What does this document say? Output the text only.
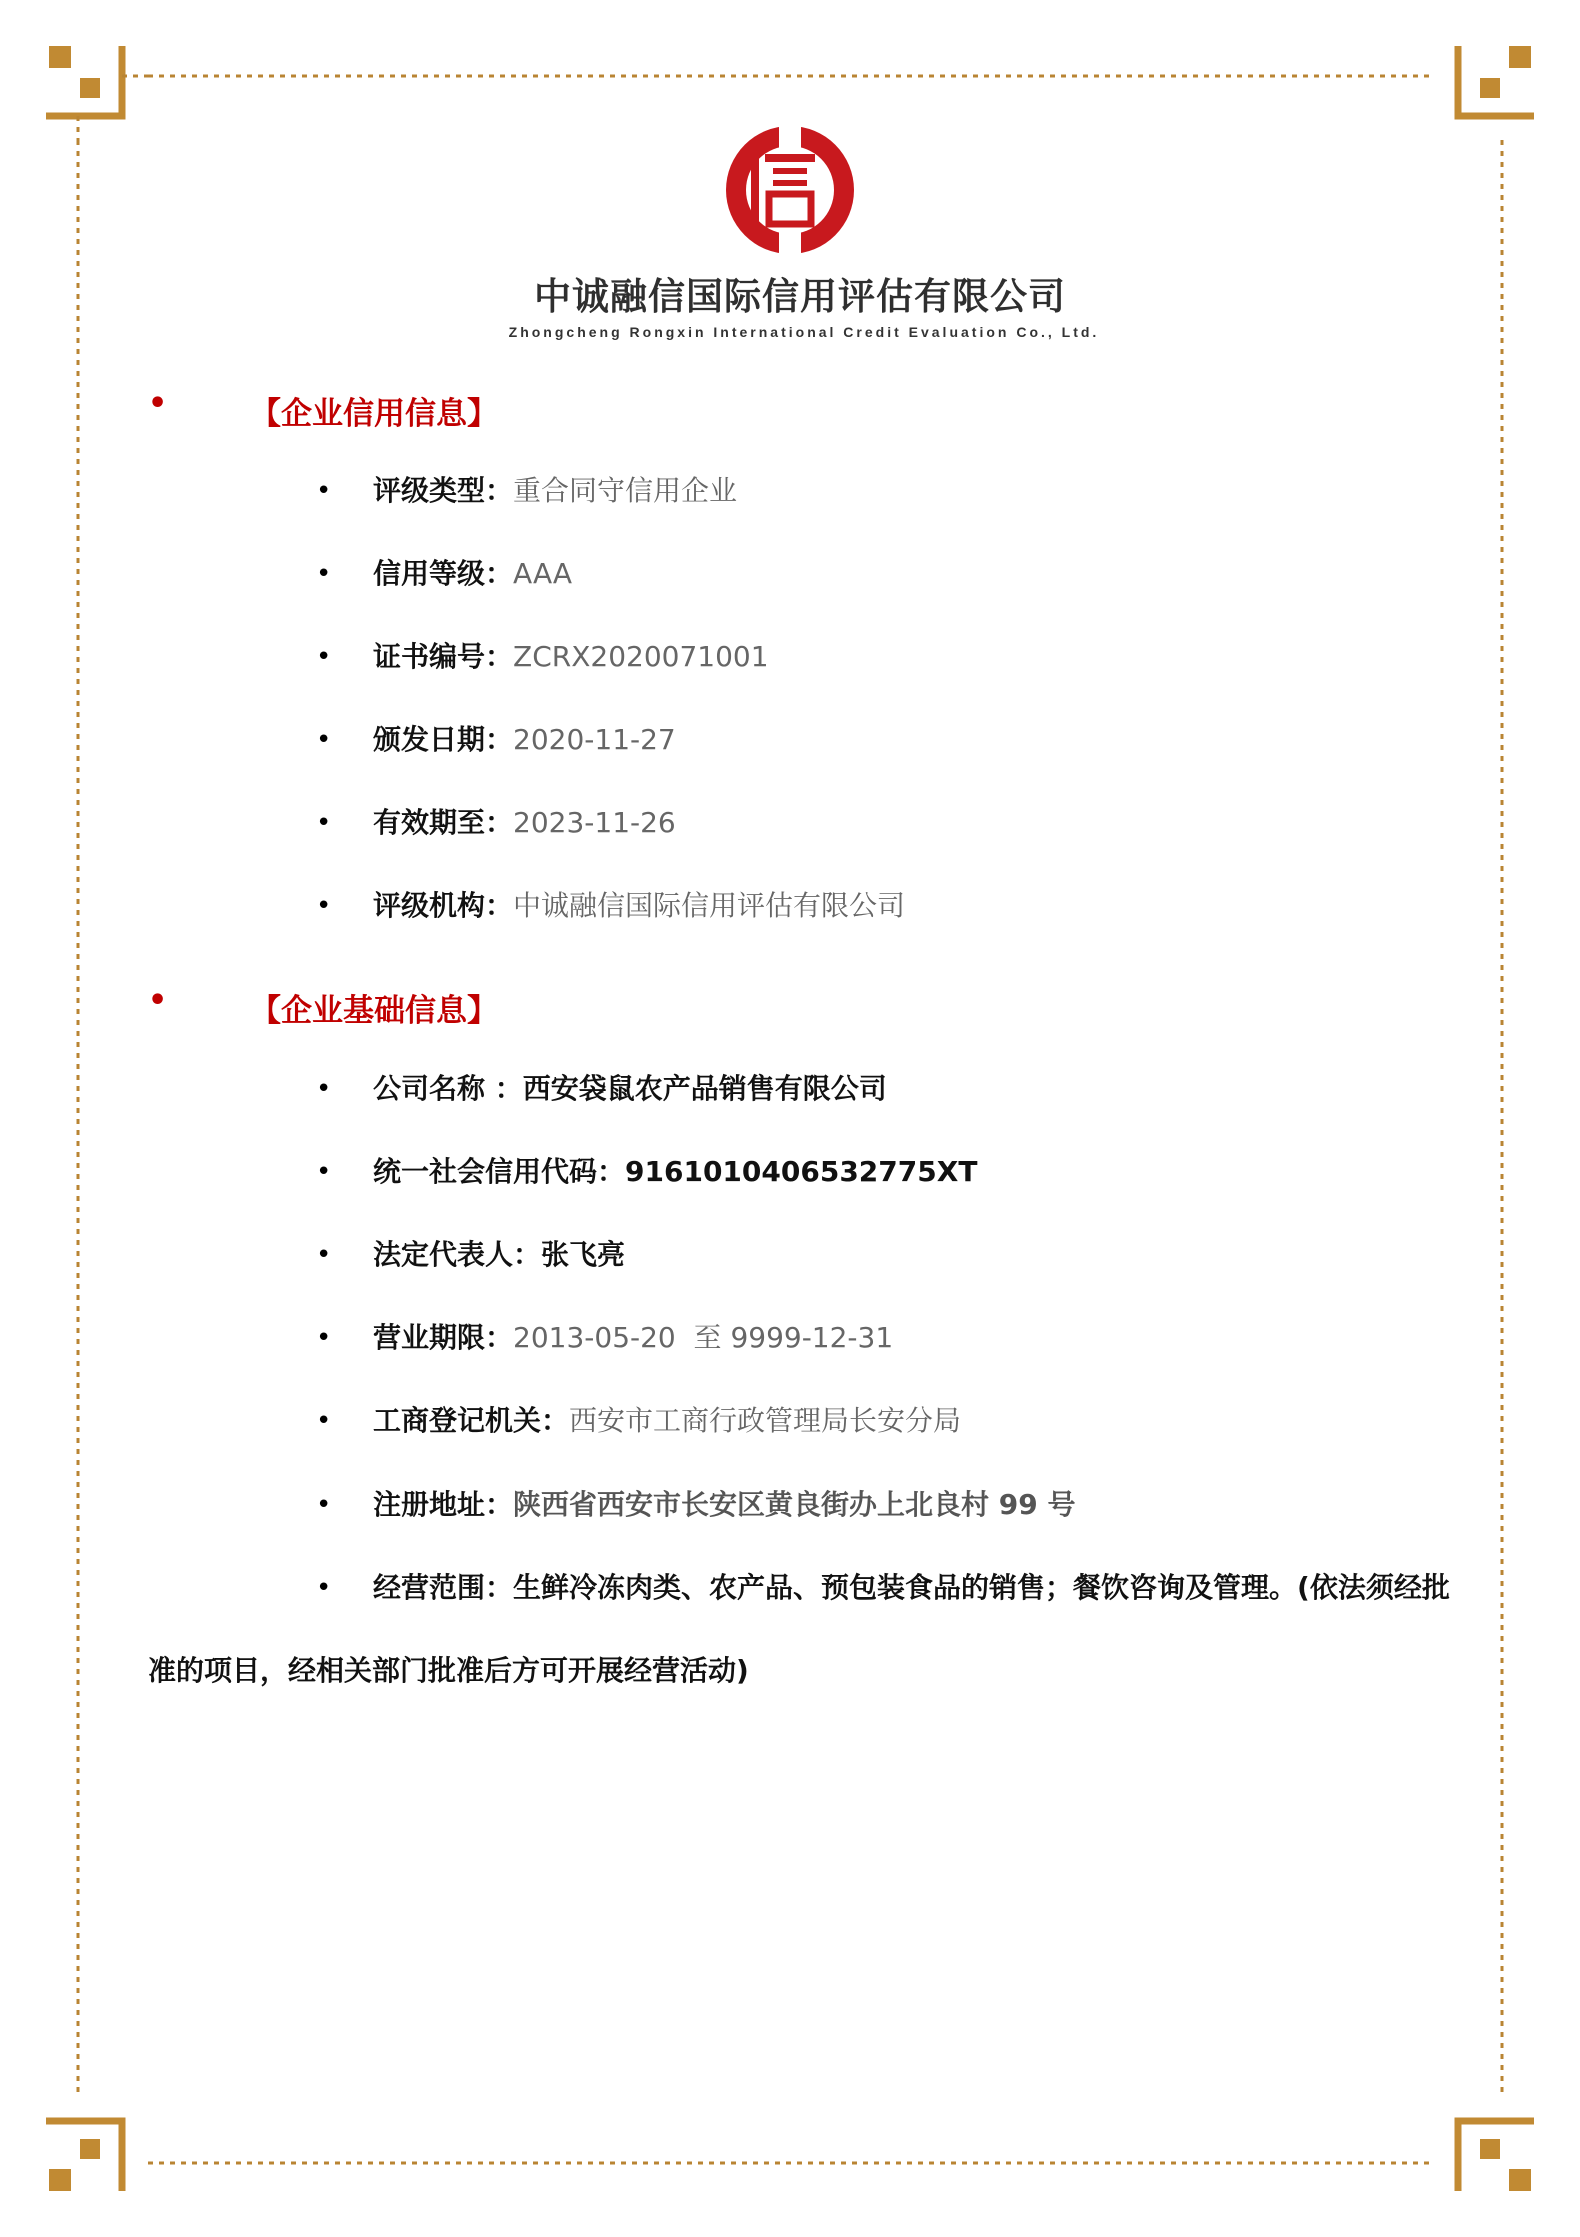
中诚融信国际信用评估有限公司
Zhongcheng Rongxin International Credit Evaluation Co., Ltd.
•	【企业信用信息】
• 评级类型：重合同守信用企业
• 信用等级：AAA
• 证书编号：ZCRX2020071001
• 颁发日期：2020-11-27
• 有效期至：2023-11-26
• 评级机构：中诚融信国际信用评估有限公司
•	【企业基础信息】
• 公司名称 ：西安袋鼠农产品销售有限公司
• 统一社会信用代码：9161010406532775XT
• 法定代表人：张飞亮
• 营业期限：2013-05-20  至 9999-12-31
• 工商登记机关：西安市工商行政管理局长安分局
• 注册地址：陕西省西安市长安区黄良街办上北良村 99 号
• 经营范围：生鲜冷冻肉类、农产品、预包装食品的销售；餐饮咨询及管理。(依法须经批
准的项目，经相关部门批准后方可开展经营活动)
